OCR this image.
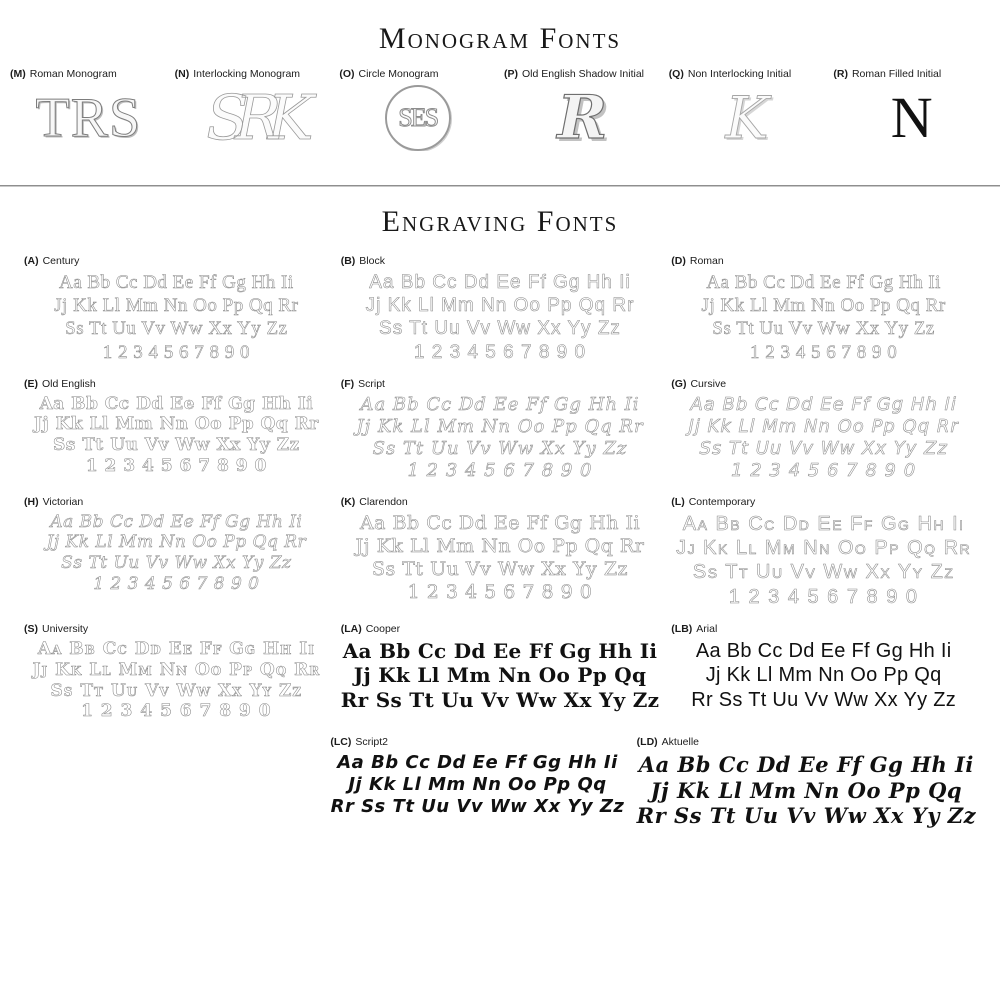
Monogram Fonts
(M) Roman Monogram
TRS
(N) Interlocking Monogram
SRK
(O) Circle Monogram
SES
(P) Old English Shadow Initial
R
(Q) Non Interlocking Initial
K
(R) Roman Filled Initial
N
Engraving Fonts
(A) Century
Aa Bb Cc Dd Ee Ff Gg Hh Ii
Jj Kk Ll Mm Nn Oo Pp Qq Rr
Ss Tt Uu Vv Ww Xx Yy Zz
1 2 3 4 5 6 7 8 9 0
(B) Block
Aa Bb Cc Dd Ee Ff Gg Hh Ii
Jj Kk Ll Mm Nn Oo Pp Qq Rr
Ss Tt Uu Vv Ww Xx Yy Zz
1 2 3 4 5 6 7 8 9 0
(D) Roman
Aa Bb Cc Dd Ee Ff Gg Hh Ii
Jj Kk Ll Mm Nn Oo Pp Qq Rr
Ss Tt Uu Vv Ww Xx Yy Zz
1 2 3 4 5 6 7 8 9 0
(E) Old English
Aa Bb Cc Dd Ee Ff Gg Hh Ii
Jj Kk Ll Mm Nn Oo Pp Qq Rr
Ss Tt Uu Vv Ww Xx Yy Zz
1 2 3 4 5 6 7 8 9 0
(F) Script
Aa Bb Cc Dd Ee Ff Gg Hh Ii
Jj Kk Ll Mm Nn Oo Pp Qq Rr
Ss Tt Uu Vv Ww Xx Yy Zz
1 2 3 4 5 6 7 8 9 0
(G) Cursive
Aa Bb Cc Dd Ee Ff Gg Hh Ii
Jj Kk Ll Mm Nn Oo Pp Qq Rr
Ss Tt Uu Vv Ww Xx Yy Zz
1 2 3 4 5 6 7 8 9 0
(H) Victorian
Aa Bb Cc Dd Ee Ff Gg Hh Ii
Jj Kk Ll Mm Nn Oo Pp Qq Rr
Ss Tt Uu Vv Ww Xx Yy Zz
1 2 3 4 5 6 7 8 9 0
(K) Clarendon
Aa Bb Cc Dd Ee Ff Gg Hh Ii
Jj Kk Ll Mm Nn Oo Pp Qq Rr
Ss Tt Uu Vv Ww Xx Yy Zz
1 2 3 4 5 6 7 8 9 0
(L) Contemporary
Aa Bb Cc Dd Ee Ff Gg Hh Ii
Jj Kk Ll Mm Nn Oo Pp Qq Rr
Ss Tt Uu Vv Ww Xx Yy Zz
1 2 3 4 5 6 7 8 9 0
(S) University
Aa Bb Cc Dd Ee Ff Gg Hh Ii
Jj Kk Ll Mm Nn Oo Pp Qq Rr
Ss Tt Uu Vv Ww Xx Yy Zz
1 2 3 4 5 6 7 8 9 0
(LA) Cooper
Aa Bb Cc Dd Ee Ff Gg Hh Ii
Jj Kk Ll Mm Nn Oo Pp Qq
Rr Ss Tt Uu Vv Ww Xx Yy Zz
(LB) Arial
Aa Bb Cc Dd Ee Ff Gg Hh Ii
Jj Kk Ll Mm Nn Oo Pp Qq
Rr Ss Tt Uu Vv Ww Xx Yy Zz
(LC) Script2
Aa Bb Cc Dd Ee Ff Gg Hh Ii
Jj Kk Ll Mm Nn Oo Pp Qq
Rr Ss Tt Uu Vv Ww Xx Yy Zz
(LD) Aktuelle
Aa Bb Cc Dd Ee Ff Gg Hh Ii
Jj Kk Ll Mm Nn Oo Pp Qq
Rr Ss Tt Uu Vv Ww Xx Yy Zz
